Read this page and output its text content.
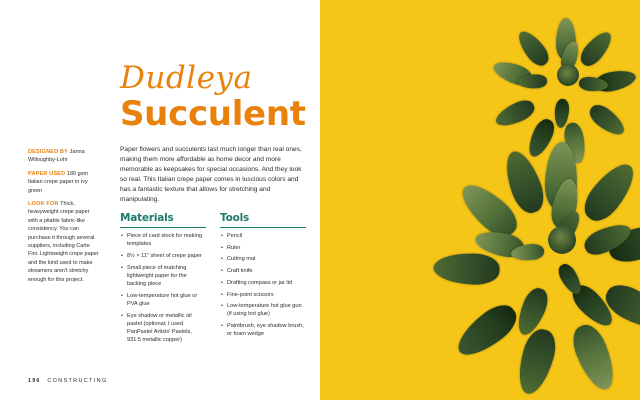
Dudleya
Succulent
Paper flowers and succulents last much longer than real ones, making them more affordable as home decor and more memorable as keepsakes for special occasions. And they look so real. This Italian crepe paper comes in luscious colors and has a fantastic texture that allows for stretching and manipulating.

DESIGNED BY Janna Willoughby-Lohr

PAPER USED 180 gsm Italian crepe paper in ivy green

LOOK FOR Thick, heavyweight crepe paper with a pliable fabric-like consistency. You can purchase it through several suppliers, including Carte Fini. Lightweight crepe paper and the kind used to make streamers aren't stretchy enough for this project.

Materials
• Piece of card stock for making templates
• 8½ × 11" sheet of crepe paper
• Small piece of matching lightweight paper for the backing piece
• Low-temperature hot glue or PVA glue
• Eye shadow or metallic oil pastel (optional; I used PanPastel Artists' Pastels, 931.5 metallic copper)
Tools
• Pencil
• Ruler
• Cutting mat
• Craft knife
• Drafting compass or jar lid
• Fine-point scissors
• Low-temperature hot glue gun (if using hot glue)
• Paintbrush, eye shadow brush, or foam wedge
196 CONSTRUCTING
